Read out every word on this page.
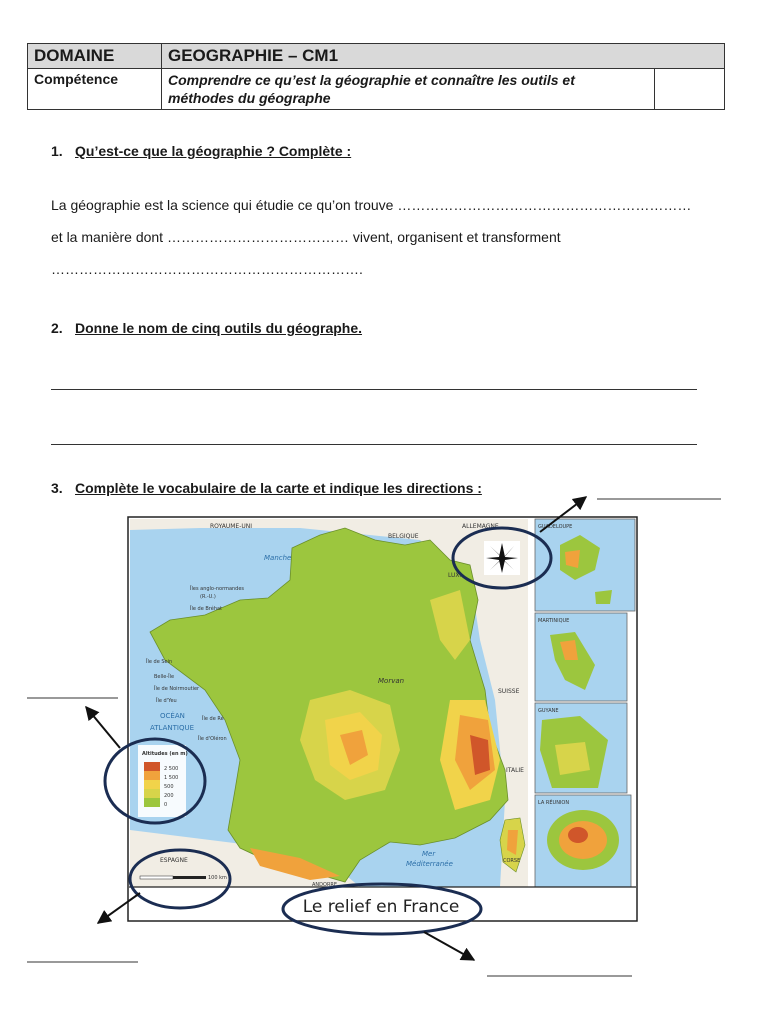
DOMAINE	GEOGRAPHIE – CM1	
Compétence	Comprendre ce qu’est la géographie et connaître les outils et
méthodes du géographe	
1. Qu’est-ce que la géographie ? Complète :
La géographie est la science qui étudie ce qu’on trouve ………………………………………………………
et la manière dont ………………………………… vivent, organisent et transforment
………………………………………………………….
2. Donne le nom de cinq outils du géographe.
3. Complète le vocabulaire de la carte et indique les directions :
ROYAUME-UNI
BELGIQUE
ALLEMAGNE
LUX.
Manche
Îles anglo-normandes
(R.-U.)
Île de Bréhat
Île de Sein
Belle-Île
Île de Noirmoutier
Île d'Yeu
Île de Ré
Île d'Oléron
OCÉAN
ATLANTIQUE
Morvan
SUISSE
ITALIE
ESPAGNE
ANDORRE
Mer
Méditerranée	CORSE
GUADELOUPE
MARTINIQUE
GUYANE
LA RÉUNION
Altitudes (en m)
2 500
1 500
500
200
0
100 km
Le relief en France
